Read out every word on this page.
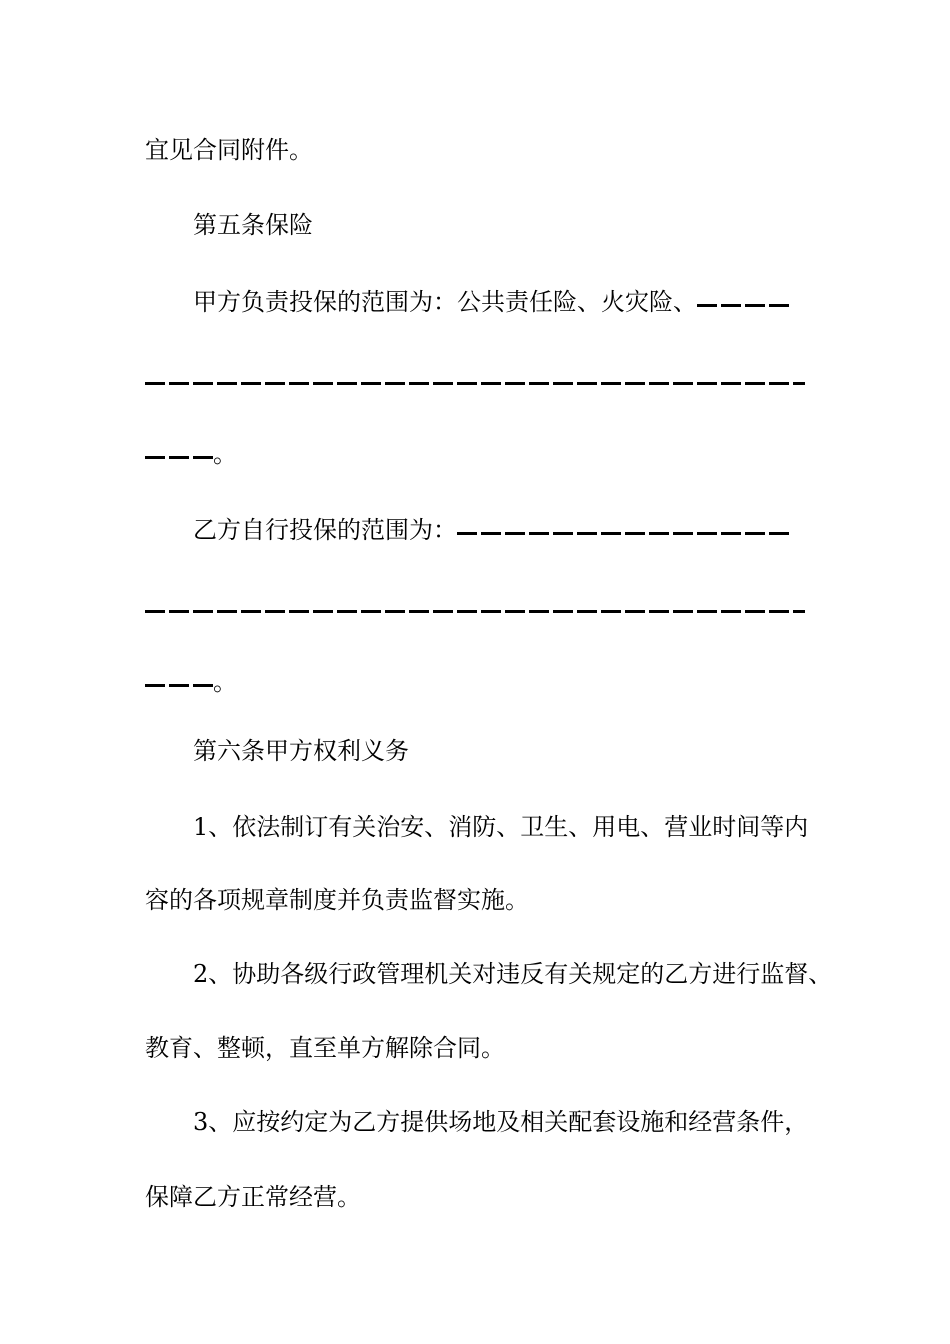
宜见合同附件。
第五条保险
甲方负责投保的范围为：公共责任险、火灾险、
。
乙方自行投保的范围为：
。
第六条甲方权利义务
1、依法制订有关治安、消防、卫生、用电、营业时间等内
容的各项规章制度并负责监督实施。
2、协助各级行政管理机关对违反有关规定的乙方进行监督、
教育、整顿，直至单方解除合同。
3、应按约定为乙方提供场地及相关配套设施和经营条件，
保障乙方正常经营。
